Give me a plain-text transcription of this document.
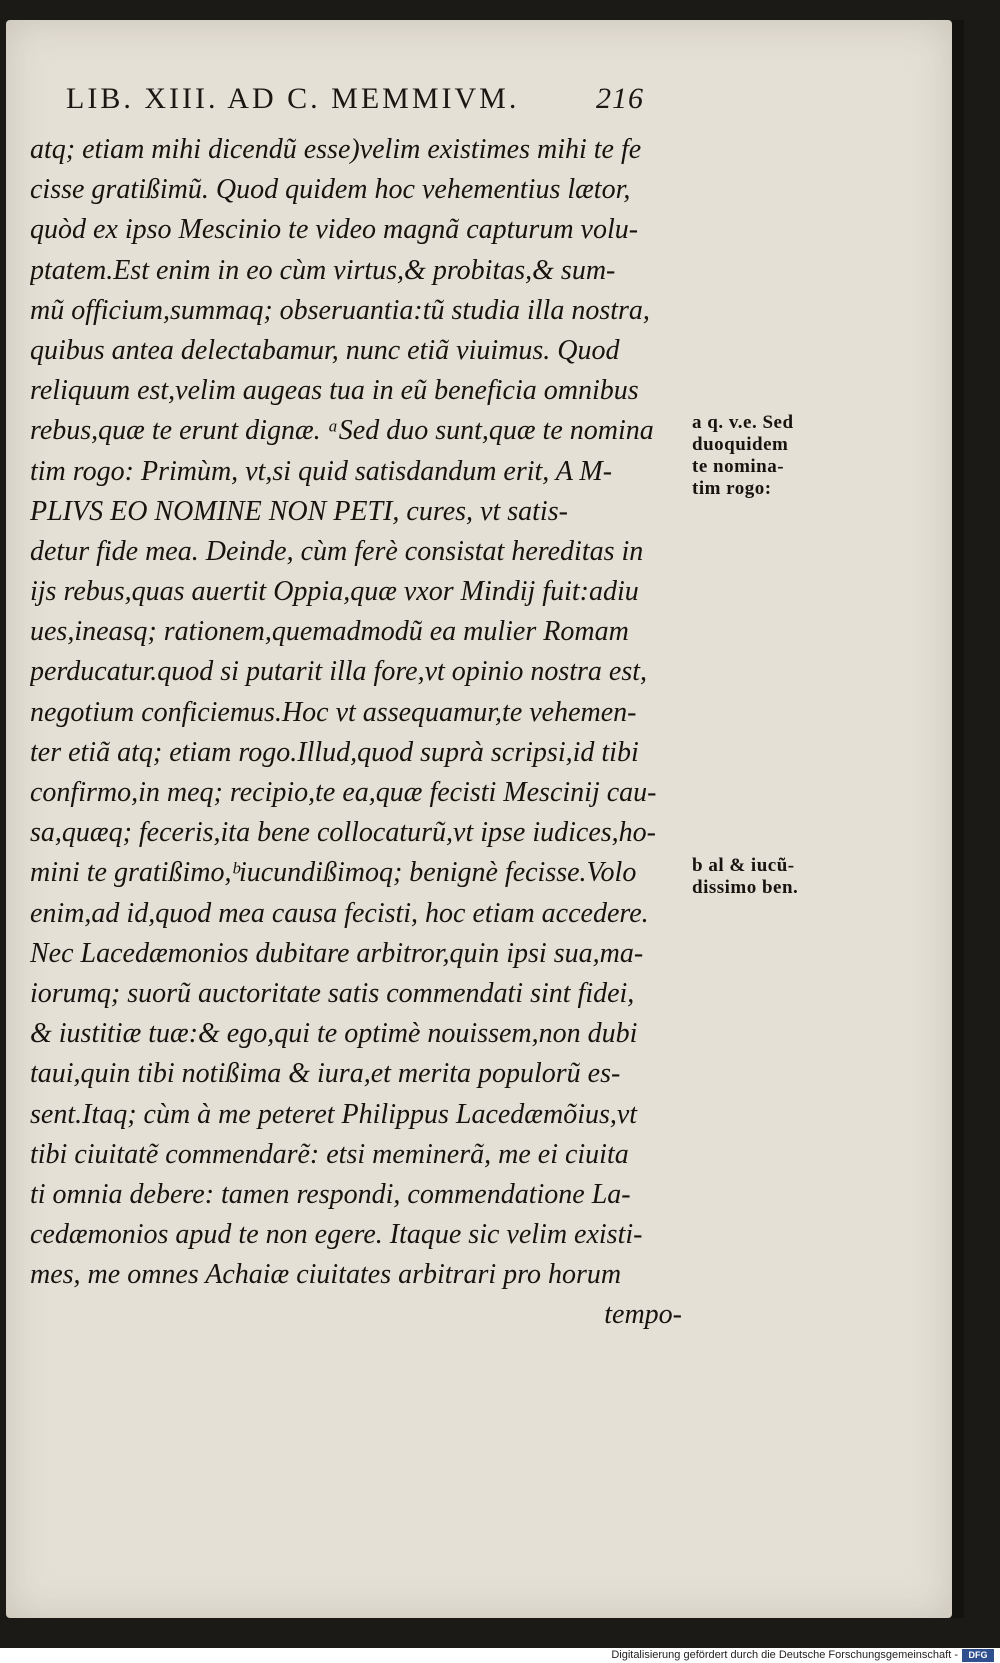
LIB. XIII. AD C. MEMMIVM.	216
atq; etiam mihi dicendũ esse)velim existimes mihi te fe
cisse gratißimũ. Quod quidem hoc vehementius lætor,
quòd ex ipso Mescinio te video magnã capturum volu-
ptatem.Est enim in eo cùm virtus,& probitas,& sum-
mũ officium,summaq; obseruantia:tũ studia illa nostra,
quibus antea delectabamur, nunc etiã viuimus. Quod
reliquum est,velim augeas tua in eũ beneficia omnibus
rebus,quæ te erunt dignæ. ᵃSed duo sunt,quæ te nomina
tim rogo: Primùm, vt,si quid satisdandum erit, A M-
PLIVS EO NOMINE NON PETI, cures, vt satis-
detur fide mea. Deinde, cùm ferè consistat hereditas in
ijs rebus,quas auertit Oppia,quæ vxor Mindij fuit:adiu
ues,ineasq; rationem,quemadmodũ ea mulier Romam
perducatur.quod si putarit illa fore,vt opinio nostra est,
negotium conficiemus.Hoc vt assequamur,te vehemen-
ter etiã atq; etiam rogo.Illud,quod suprà scripsi,id tibi
confirmo,in meq; recipio,te ea,quæ fecisti Mescinij cau-
sa,quæq; feceris,ita bene collocaturũ,vt ipse iudices,ho-
mini te gratißimo,ᵇiucundißimoq; benignè fecisse.Volo
enim,ad id,quod mea causa fecisti, hoc etiam accedere.
Nec Lacedæmonios dubitare arbitror,quin ipsi sua,ma-
iorumq; suorũ auctoritate satis commendati sint fidei,
& iustitiæ tuæ:& ego,qui te optimè nouissem,non dubi
taui,quin tibi notißima & iura,et merita populorũ es-
sent.Itaq; cùm à me peteret Philippus Lacedæmõius,vt
tibi ciuitatẽ commendarẽ: etsi meminerã, me ei ciuita
ti omnia debere: tamen respondi, commendatione La-
cedæmonios apud te non egere. Itaque sic velim existi-
mes, me omnes Achaiæ ciuitates arbitrari pro horum
tempo-
a q. v.e. Sed
duoquidem
te nomina-
tim rogo:
b al & iucũ-
dissimo ben.
Digitalisierung gefördert durch die Deutsche Forschungsgemeinschaft -	DFG
